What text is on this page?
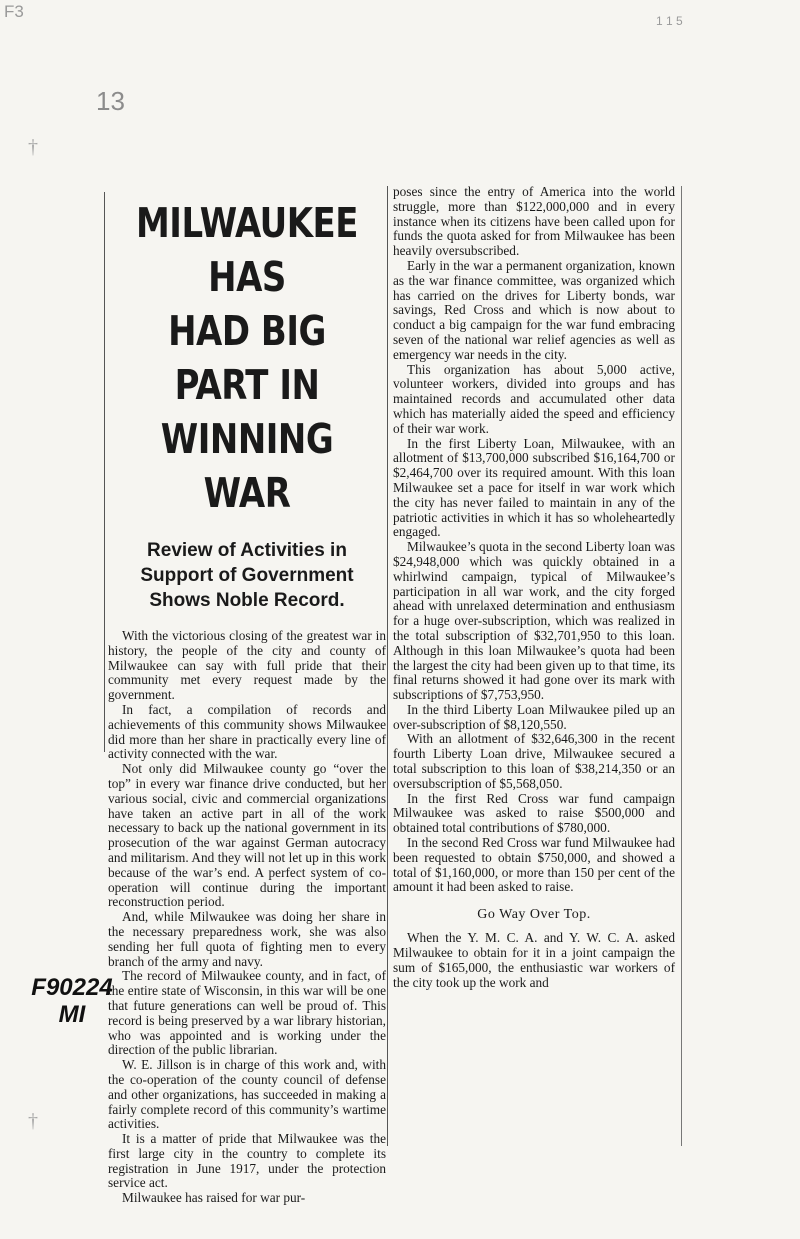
F3
13
1 1 5
†
†
F90224
MI
MILWAUKEE HAS
HAD BIG PART IN
WINNING WAR
Review of Activities in Support of Government Shows Noble Record.

With the victorious closing of the greatest war in history, the people of the city and county of Milwaukee can say with full pride that their community met every request made by the government.

In fact, a compilation of records and achievements of this community shows Milwaukee did more than her share in practically every line of activity connected with the war.

Not only did Milwaukee county go “over the top” in every war finance drive conducted, but her various social, civic and commercial organizations have taken an active part in all of the work necessary to back up the national government in its prosecution of the war against German autocracy and militarism. And they will not let up in this work because of the war’s end. A perfect system of co-operation will continue during the important reconstruction period.

And, while Milwaukee was doing her share in the necessary preparedness work, she was also sending her full quota of fighting men to every branch of the army and navy.

The record of Milwaukee county, and in fact, of the entire state of Wisconsin, in this war will be one that future generations can well be proud of. This record is being preserved by a war library historian, who was appointed and is working under the direction of the public librarian.

W. E. Jillson is in charge of this work and, with the co-operation of the county council of defense and other organizations, has succeeded in making a fairly complete record of this community’s wartime activities.

It is a matter of pride that Milwaukee was the first large city in the country to complete its registration in June 1917, under the protection service act.

Milwaukee has raised for war pur-

poses since the entry of America into the world struggle, more than $122,000,000 and in every instance when its citizens have been called upon for funds the quota asked for from Milwaukee has been heavily oversubscribed.

Early in the war a permanent organization, known as the war finance committee, was organized which has carried on the drives for Liberty bonds, war savings, Red Cross and which is now about to conduct a big campaign for the war fund embracing seven of the national war relief agencies as well as emergency war needs in the city.

This organization has about 5,000 active, volunteer workers, divided into groups and has maintained records and accumulated other data which has materially aided the speed and efficiency of their war work.

In the first Liberty Loan, Milwaukee, with an allotment of $13,700,000 subscribed $16,164,700 or $2,464,700 over its required amount. With this loan Milwaukee set a pace for itself in war work which the city has never failed to maintain in any of the patriotic activities in which it has so wholeheartedly engaged.

Milwaukee’s quota in the second Liberty loan was $24,948,000 which was quickly obtained in a whirlwind campaign, typical of Milwaukee’s participation in all war work, and the city forged ahead with unrelaxed determination and enthusiasm for a huge over-subscription, which was realized in the total subscription of $32,701,950 to this loan. Although in this loan Milwaukee’s quota had been the largest the city had been given up to that time, its final returns showed it had gone over its mark with subscriptions of $7,753,950.

In the third Liberty Loan Milwaukee piled up an over-subscription of $8,120,550.

With an allotment of $32,646,300 in the recent fourth Liberty Loan drive, Milwaukee secured a total subscription to this loan of $38,214,350 or an oversubscription of $5,568,050.

In the first Red Cross war fund campaign Milwaukee was asked to raise $500,000 and obtained total contributions of $780,000.

In the second Red Cross war fund Milwaukee had been requested to obtain $750,000, and showed a total of $1,160,000, or more than 150 per cent of the amount it had been asked to raise.

Go Way Over Top.

When the Y. M. C. A. and Y. W. C. A. asked Milwaukee to obtain for it in a joint campaign the sum of $165,000, the enthusiastic war workers of the city took up the work and
